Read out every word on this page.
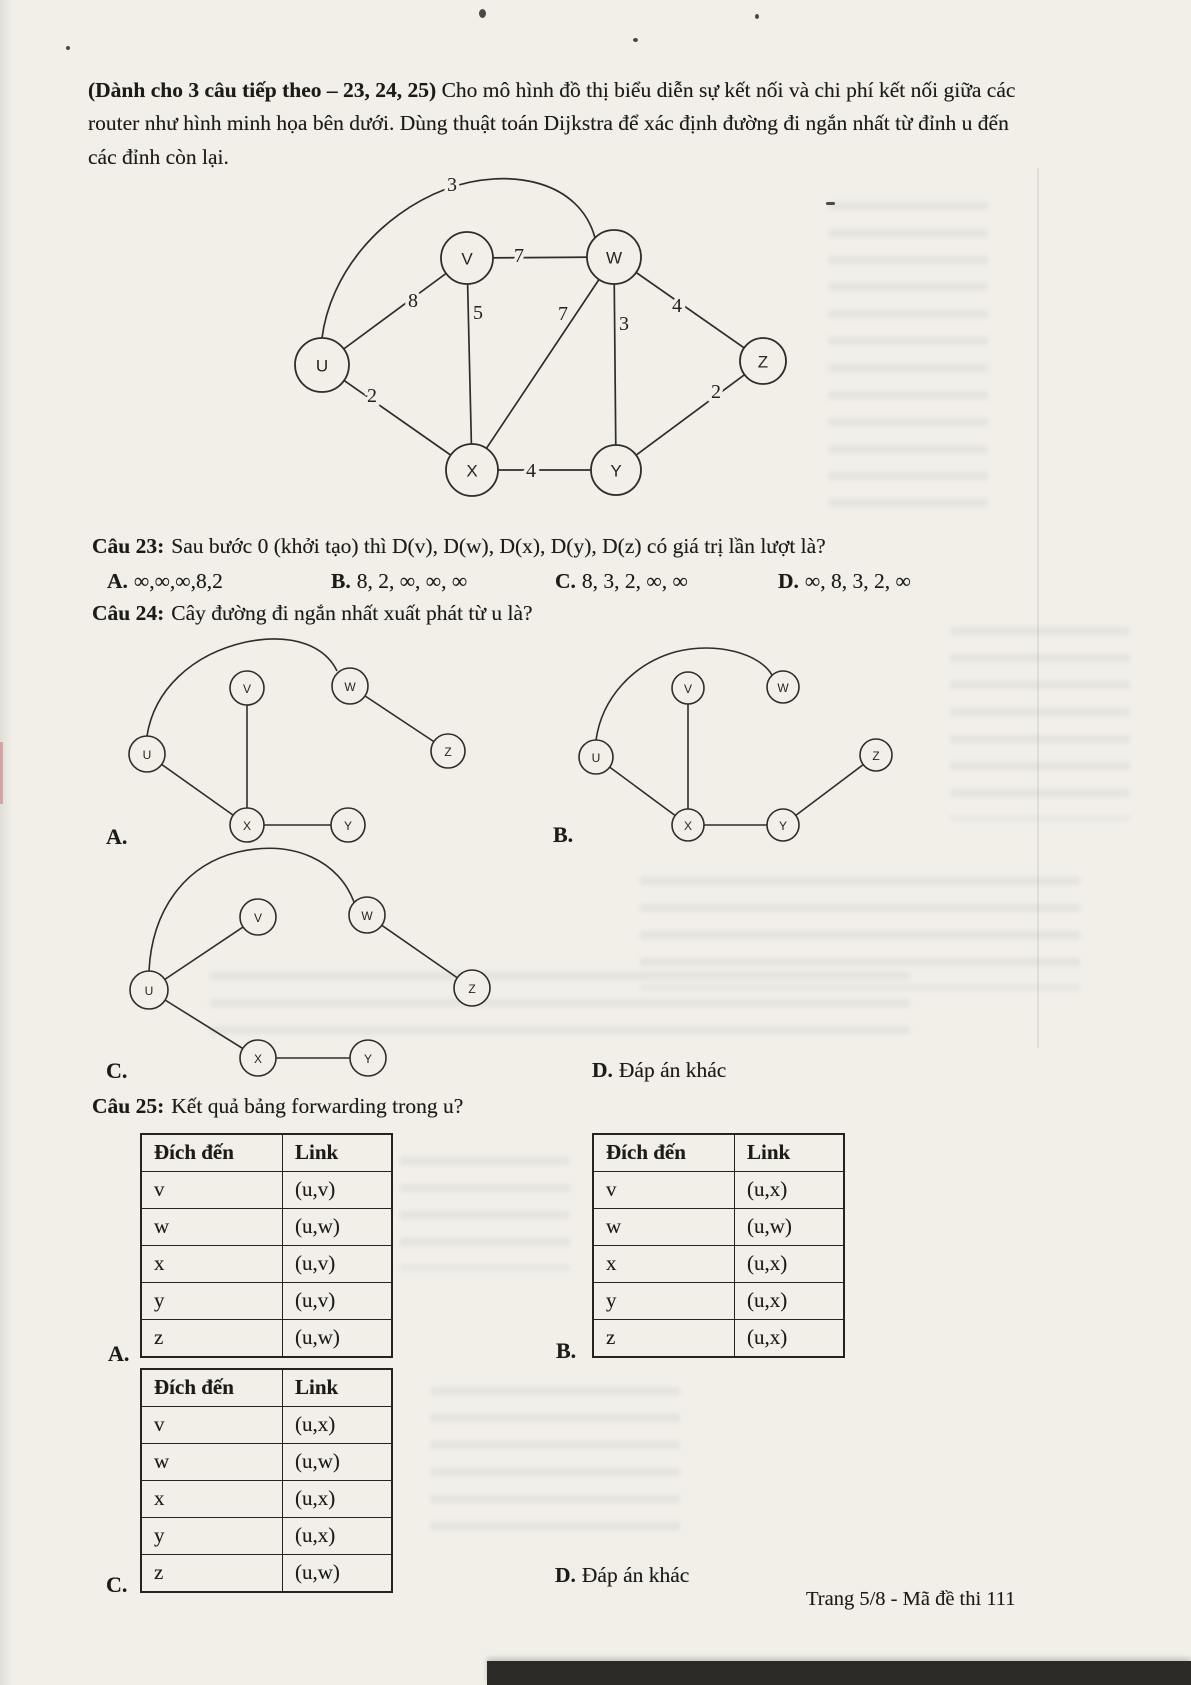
(Dành cho 3 câu tiếp theo – 23, 24, 25) Cho mô hình đồ thị biểu diễn sự kết nối và chi phí kết nối giữa các router như hình minh họa bên dưới. Dùng thuật toán Dijkstra để xác định đường đi ngắn nhất từ đỉnh u đến các đỉnh còn lại.

V	W
U	Z
X	Y
3
7
8
5	7	3
4
2
4
2
Câu 23: Sau bước 0 (khởi tạo) thì D(v), D(w), D(x), D(y), D(z) có giá trị lần lượt là?
A. ∞,∞,∞,8,2	B. 8, 2, ∞, ∞, ∞	C. 8, 3, 2, ∞, ∞	D. ∞, 8, 3, 2, ∞
Câu 24: Cây đường đi ngắn nhất xuất phát từ u là?
V	W
U	Z
X	Y
V	W
U	Z
X	Y
V	W
U	Z
X	Y
A.	B.
C.	D. Đáp án khác
Câu 25: Kết quả bảng forwarding trong u?
Đích đến	Link
v	(u,v)
w	(u,w)
x	(u,v)
y	(u,v)
z	(u,w)
Đích đến	Link
v	(u,x)
w	(u,w)
x	(u,x)
y	(u,x)
z	(u,x)
Đích đến	Link
v	(u,x)
w	(u,w)
x	(u,x)
y	(u,x)
z	(u,w)
A.	B.
C.	D. Đáp án khác
Trang 5/8 - Mã đề thi 111
